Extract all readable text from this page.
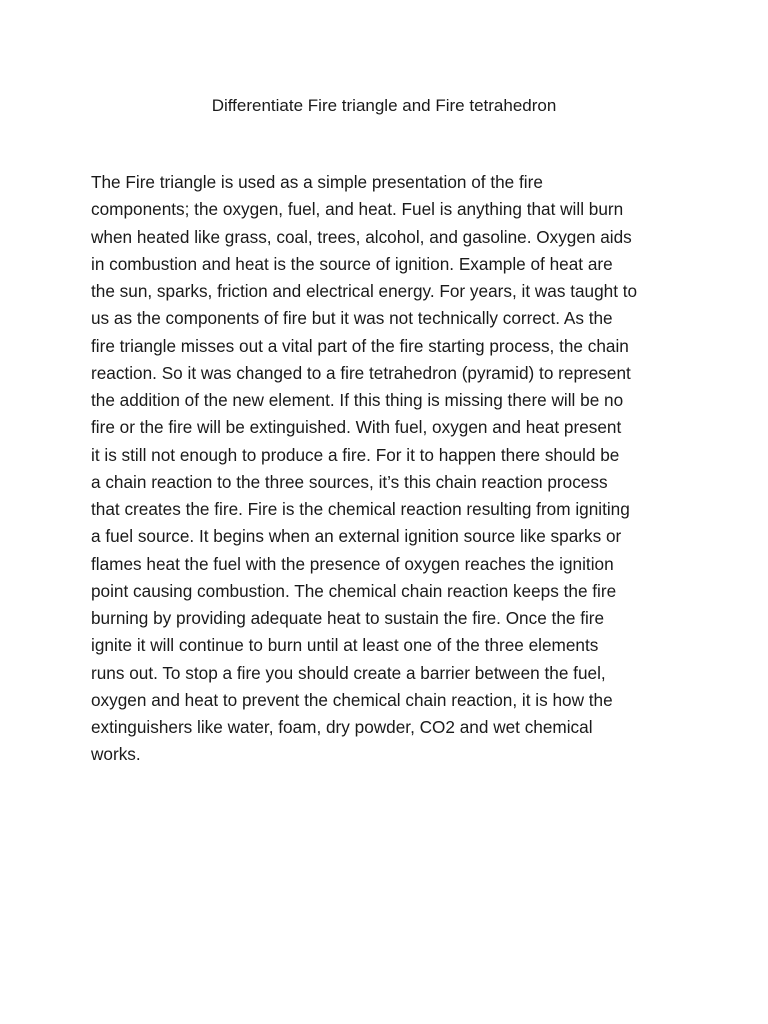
Differentiate Fire triangle and Fire tetrahedron
The Fire triangle is used as a simple presentation of the fire
components; the oxygen, fuel, and heat. Fuel is anything that will burn
when heated like grass, coal, trees, alcohol, and gasoline. Oxygen aids
in combustion and heat is the source of ignition. Example of heat are
the sun, sparks, friction and electrical energy. For years, it was taught to
us as the components of fire but it was not technically correct. As the
fire triangle misses out a vital part of the fire starting process, the chain
reaction. So it was changed to a fire tetrahedron (pyramid) to represent
the addition of the new element. If this thing is missing there will be no
fire or the fire will be extinguished. With fuel, oxygen and heat present
it is still not enough to produce a fire. For it to happen there should be
a chain reaction to the three sources, it’s this chain reaction process
that creates the fire. Fire is the chemical reaction resulting from igniting
a fuel source. It begins when an external ignition source like sparks or
flames heat the fuel with the presence of oxygen reaches the ignition
point causing combustion. The chemical chain reaction keeps the fire
burning by providing adequate heat to sustain the fire. Once the fire
ignite it will continue to burn until at least one of the three elements
runs out. To stop a fire you should create a barrier between the fuel,
oxygen and heat to prevent the chemical chain reaction, it is how the
extinguishers like water, foam, dry powder, CO2 and wet chemical
works.
